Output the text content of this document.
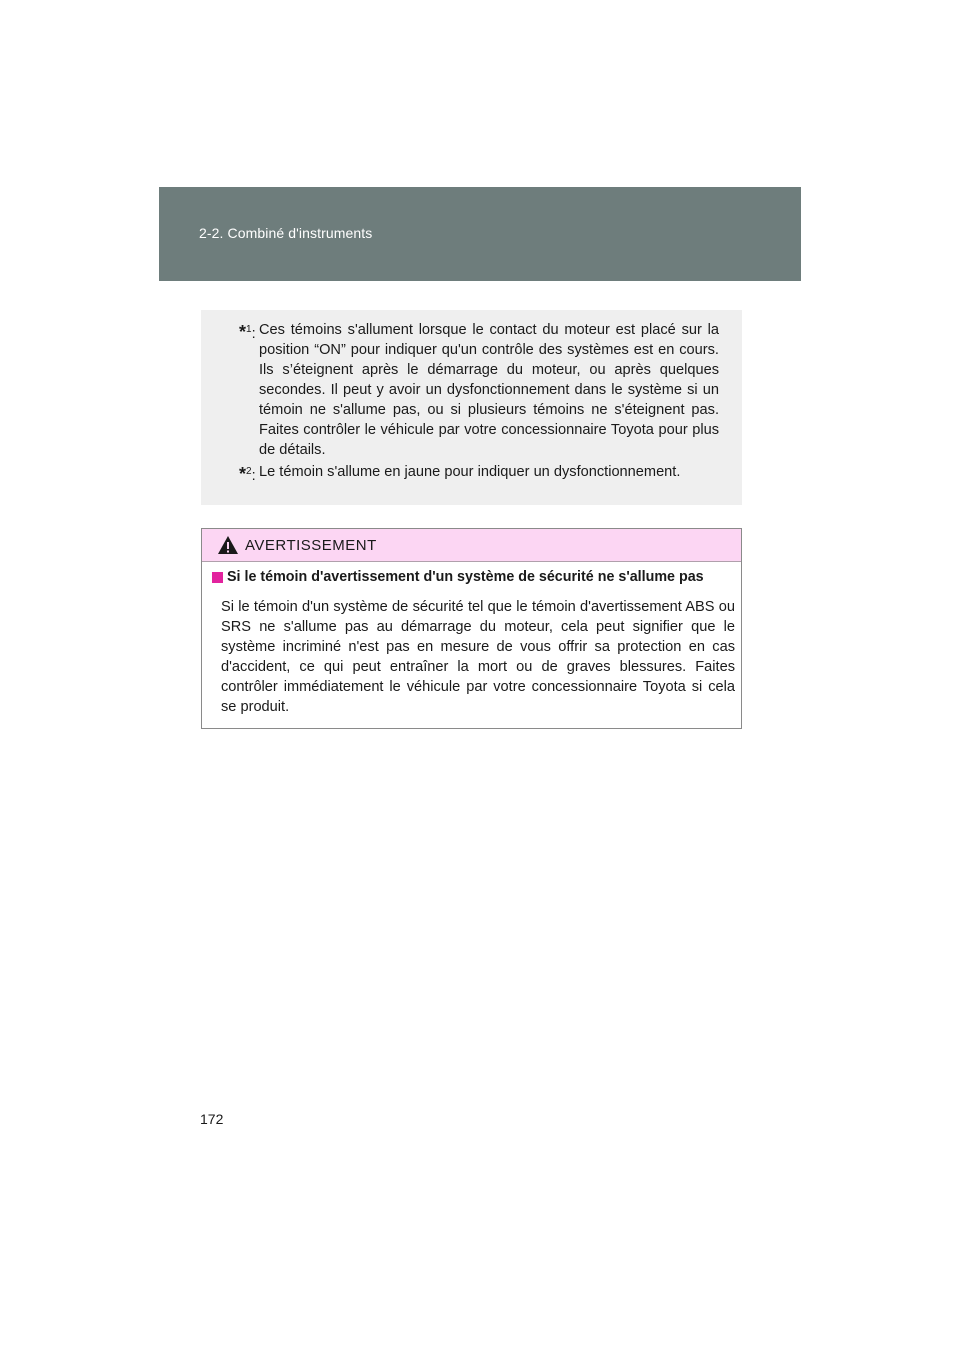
2-2. Combiné d'instruments
*$^1$: Ces témoins s'allument lorsque le contact du moteur est placé sur la position “ON” pour indiquer qu'un contrôle des systèmes est en cours. Ils s’éteignent après le démarrage du moteur, ou après quelques secondes. Il peut y avoir un dysfonctionnement dans le système si un témoin ne s'allume pas, ou si plusieurs témoins ne s'éteignent pas. Faites contrôler le véhicule par votre concessionnaire Toyota pour plus de détails.
*$^2$: Le témoin s'allume en jaune pour indiquer un dysfonctionnement.
AVERTISSEMENT
Si le témoin d'avertissement d'un système de sécurité ne s'allume pas
Si le témoin d'un système de sécurité tel que le témoin d'avertissement ABS ou SRS ne s'allume pas au démarrage du moteur, cela peut signifier que le système incriminé n'est pas en mesure de vous offrir sa protection en cas d'accident, ce qui peut entraîner la mort ou de graves blessures. Faites contrôler immédiatement le véhicule par votre concessionnaire Toyota si cela se produit.
172
